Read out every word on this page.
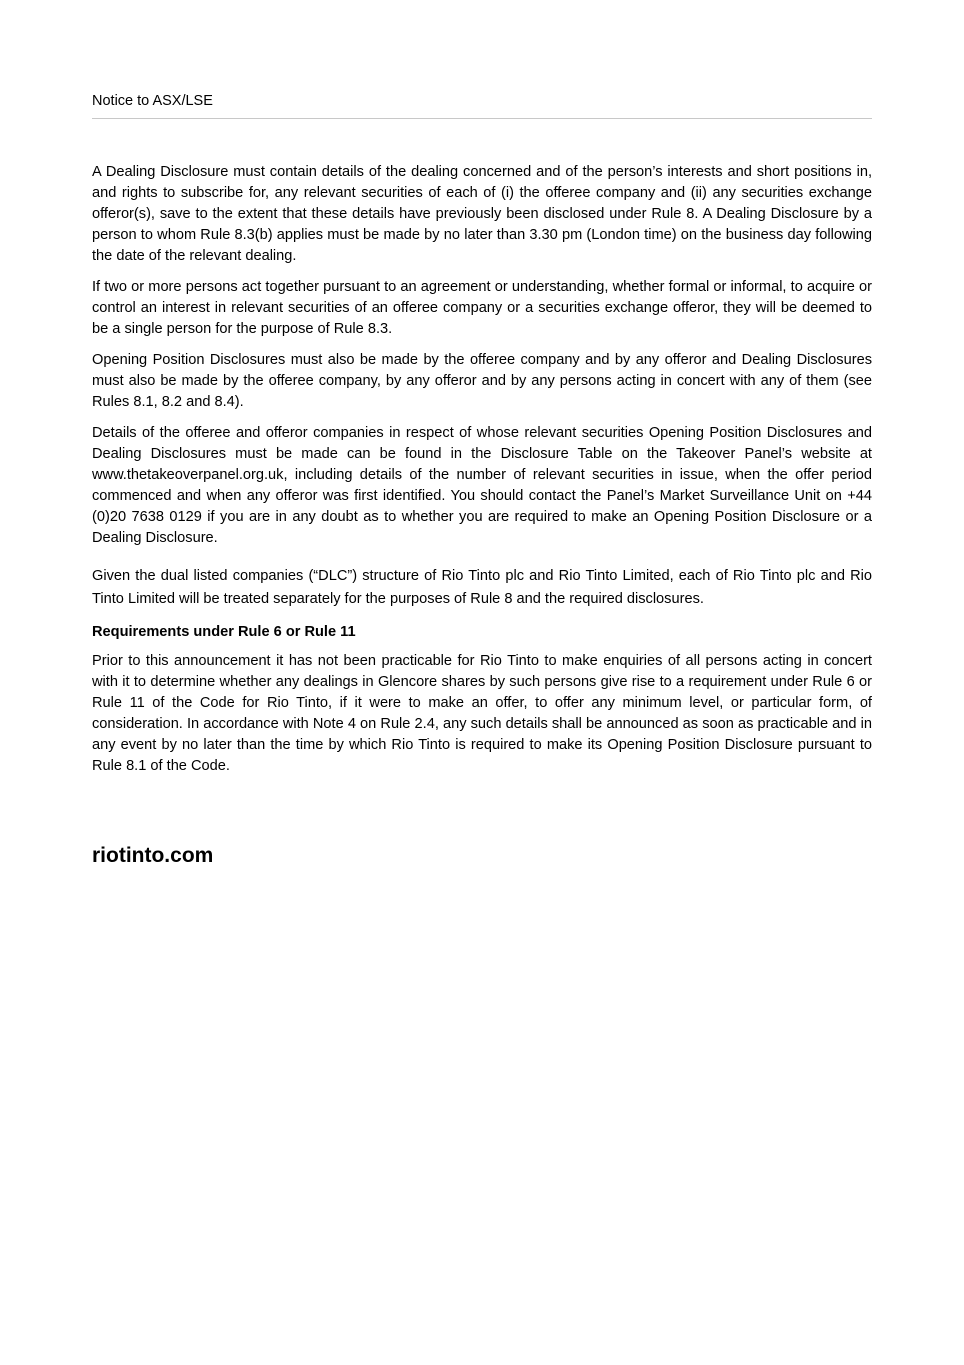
Notice to ASX/LSE

A Dealing Disclosure must contain details of the dealing concerned and of the person’s interests and short positions in, and rights to subscribe for, any relevant securities of each of (i) the offeree company and (ii) any securities exchange offeror(s), save to the extent that these details have previously been disclosed under Rule 8. A Dealing Disclosure by a person to whom Rule 8.3(b) applies must be made by no later than 3.30 pm (London time) on the business day following the date of the relevant dealing.

If two or more persons act together pursuant to an agreement or understanding, whether formal or informal, to acquire or control an interest in relevant securities of an offeree company or a securities exchange offeror, they will be deemed to be a single person for the purpose of Rule 8.3.

Opening Position Disclosures must also be made by the offeree company and by any offeror and Dealing Disclosures must also be made by the offeree company, by any offeror and by any persons acting in concert with any of them (see Rules 8.1, 8.2 and 8.4).

Details of the offeree and offeror companies in respect of whose relevant securities Opening Position Disclosures and Dealing Disclosures must be made can be found in the Disclosure Table on the Takeover Panel’s website at www.thetakeoverpanel.org.uk, including details of the number of relevant securities in issue, when the offer period commenced and when any offeror was first identified. You should contact the Panel’s Market Surveillance Unit on +44 (0)20 7638 0129 if you are in any doubt as to whether you are required to make an Opening Position Disclosure or a Dealing Disclosure.

Given the dual listed companies (“DLC”) structure of Rio Tinto plc and Rio Tinto Limited, each of Rio Tinto plc and Rio Tinto Limited will be treated separately for the purposes of Rule 8 and the required disclosures.

Requirements under Rule 6 or Rule 11

Prior to this announcement it has not been practicable for Rio Tinto to make enquiries of all persons acting in concert with it to determine whether any dealings in Glencore shares by such persons give rise to a requirement under Rule 6 or Rule 11 of the Code for Rio Tinto, if it were to make an offer, to offer any minimum level, or particular form, of consideration. In accordance with Note 4 on Rule 2.4, any such details shall be announced as soon as practicable and in any event by no later than the time by which Rio Tinto is required to make its Opening Position Disclosure pursuant to Rule 8.1 of the Code.

riotinto.com
